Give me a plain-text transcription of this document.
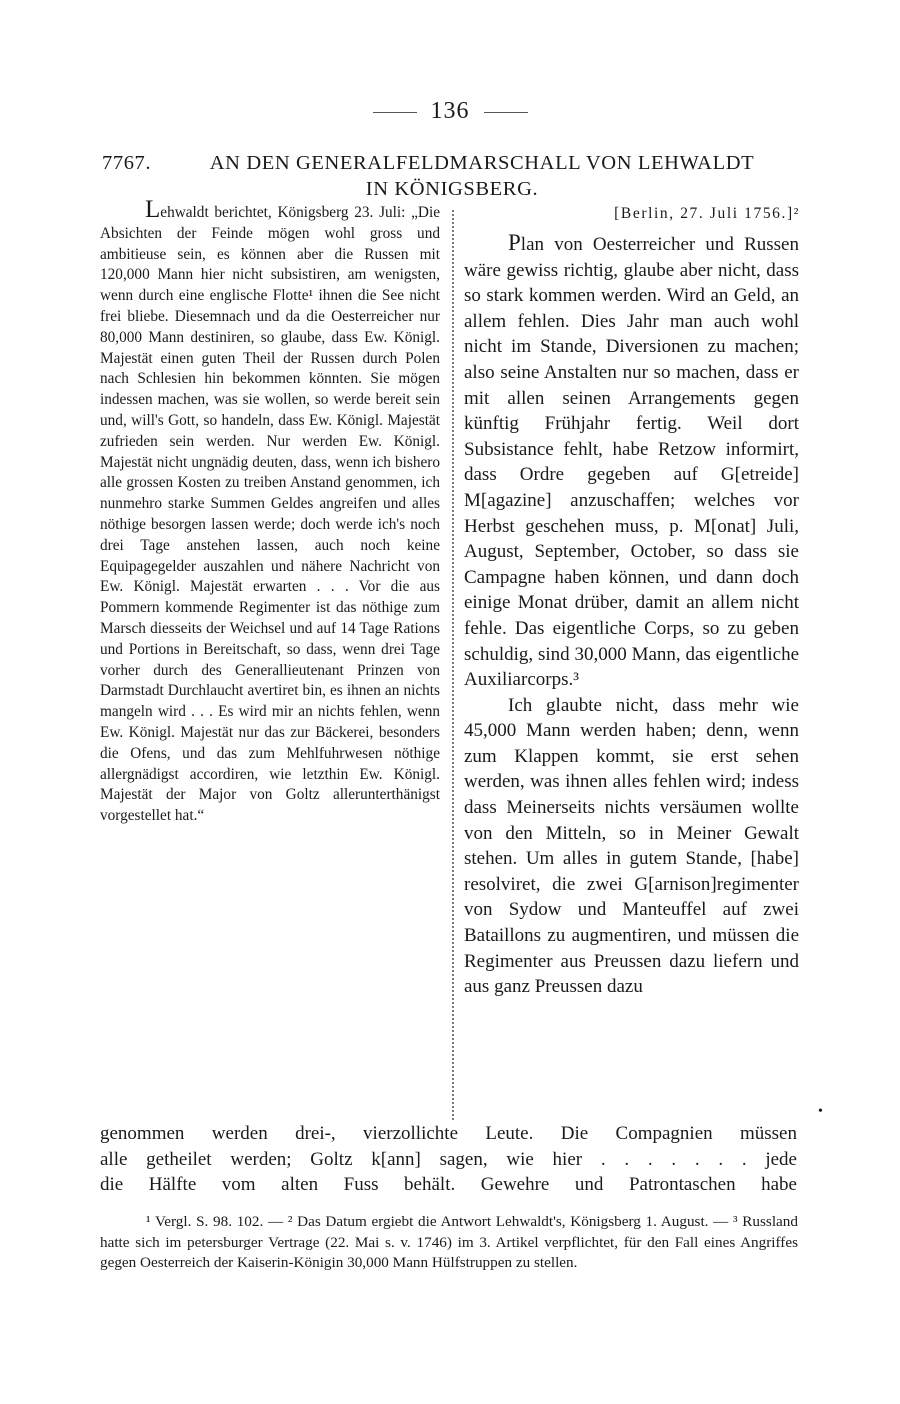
136
7767.	AN DEN GENERALFELDMARSCHALL VON LEHWALDT
IN KÖNIGSBERG.

Lehwaldt berichtet, Königsberg 23. Juli: „Die Absichten der Feinde mögen wohl gross und ambitieuse sein, es können aber die Russen mit 120,000 Mann hier nicht subsistiren, am wenigsten, wenn durch eine englische Flotte¹ ihnen die See nicht frei bliebe. Diesemnach und da die Oesterreicher nur 80,000 Mann destiniren, so glaube, dass Ew. Königl. Majestät einen guten Theil der Russen durch Polen nach Schlesien hin bekommen könnten. Sie mögen indessen machen, was sie wollen, so werde bereit sein und, will's Gott, so handeln, dass Ew. Königl. Majestät zufrieden sein werden. Nur werden Ew. Königl. Majestät nicht ungnädig deuten, dass, wenn ich bishero alle grossen Kosten zu treiben Anstand genommen, ich nunmehro starke Summen Geldes angreifen und alles nöthige besorgen lassen werde; doch werde ich's noch drei Tage anstehen lassen, auch noch keine Equipagegelder auszahlen und nähere Nachricht von Ew. Königl. Majestät erwarten . . . Vor die aus Pommern kommende Regimenter ist das nöthige zum Marsch diesseits der Weichsel und auf 14 Tage Rations und Portions in Bereitschaft, so dass, wenn drei Tage vorher durch des Generallieutenant Prinzen von Darmstadt Durchlaucht avertiret bin, es ihnen an nichts mangeln wird . . . Es wird mir an nichts fehlen, wenn Ew. Königl. Majestät nur das zur Bäckerei, besonders die Ofens, und das zum Mehlfuhrwesen nöthige allergnädigst accordiren, wie letzthin Ew. Königl. Majestät der Major von Goltz allerunterthänigst vorgestellet hat.“

[Berlin, 27. Juli 1756.]²

Plan von Oesterreicher und Russen wäre gewiss richtig, glaube aber nicht, dass so stark kommen werden. Wird an Geld, an allem fehlen. Dies Jahr man auch wohl nicht im Stande, Diversionen zu machen; also seine Anstalten nur so machen, dass er mit allen seinen Arrangements gegen künftig Frühjahr fertig. Weil dort Subsistance fehlt, habe Retzow informirt, dass Ordre gegeben auf G[etreide] M[agazine] anzuschaffen; welches vor Herbst geschehen muss, p. M[onat] Juli, August, September, October, so dass sie Campagne haben können, und dann doch einige Monat drüber, damit an allem nicht fehle. Das eigentliche Corps, so zu geben schuldig, sind 30,000 Mann, das eigentliche Auxiliarcorps.³

Ich glaubte nicht, dass mehr wie 45,000 Mann werden haben; denn, wenn zum Klappen kommt, sie erst sehen werden, was ihnen alles fehlen wird; indess dass Meinerseits nichts versäumen wollte von den Mitteln, so in Meiner Gewalt stehen. Um alles in gutem Stande, [habe] resolviret, die zwei G[arnison]regimenter von Sydow und Manteuffel auf zwei Bataillons zu augmentiren, und müssen die Regimenter aus Preussen dazu liefern und aus ganz Preussen dazu

genommen werden drei-, vierzollichte Leute. Die Compagnien müssen
alle getheilet werden; Goltz k[ann] sagen, wie hier . . . . . . . jede
die Hälfte vom alten Fuss behält. Gewehre und Patrontaschen habe
•

¹ Vergl. S. 98. 102. — ² Das Datum ergiebt die Antwort Lehwaldt's, Königsberg 1. August. — ³ Russland hatte sich im petersburger Vertrage (22. Mai s. v. 1746) im 3. Artikel verpflichtet, für den Fall eines Angriffes gegen Oesterreich der Kaiserin-Königin 30,000 Mann Hülfstruppen zu stellen.
